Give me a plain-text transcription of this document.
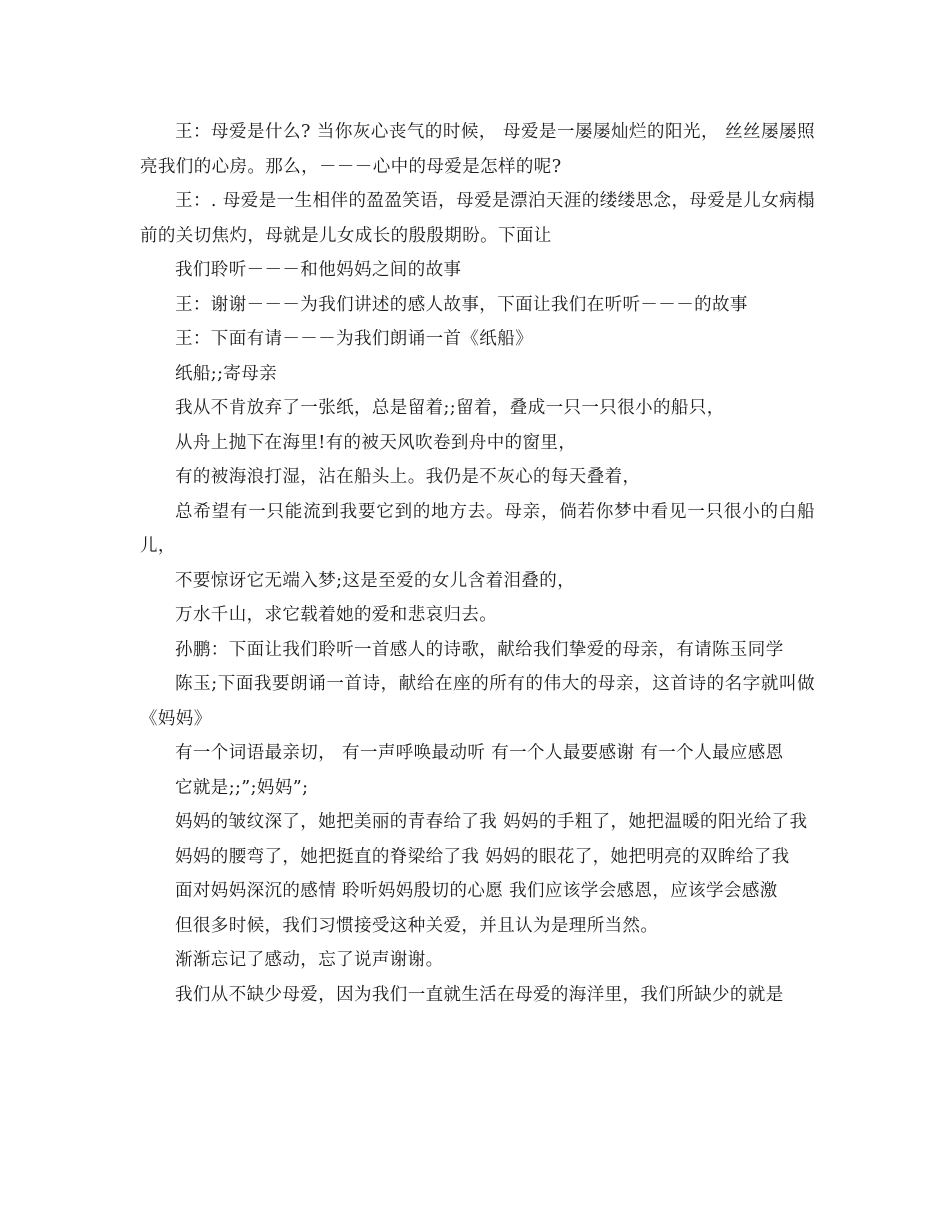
王：母爱是什么? 当你灰心丧气的时候， 母爱是一屡屡灿烂的阳光， 丝丝屡屡照亮我们的心房。那么，－－－心中的母爱是怎样的呢?

王：. 母爱是一生相伴的盈盈笑语，母爱是漂泊天涯的缕缕思念，母爱是儿女病榻前的关切焦灼，母就是儿女成长的殷殷期盼。下面让

我们聆听－－－和他妈妈之间的故事

王：谢谢－－－为我们讲述的感人故事，下面让我们在听听－－－的故事

王：下面有请－－－为我们朗诵一首《纸船》

纸船;;寄母亲

我从不肯放弃了一张纸，总是留着;;留着，叠成一只一只很小的船只，

从舟上抛下在海里!有的被天风吹卷到舟中的窗里，

有的被海浪打湿，沾在船头上。我仍是不灰心的每天叠着，

总希望有一只能流到我要它到的地方去。母亲，倘若你梦中看见一只很小的白船儿，

不要惊讶它无端入梦;这是至爱的女儿含着泪叠的，

万水千山，求它载着她的爱和悲哀归去。

孙鹏：下面让我们聆听一首感人的诗歌，献给我们挚爱的母亲，有请陈玉同学

陈玉;下面我要朗诵一首诗，献给在座的所有的伟大的母亲，这首诗的名字就叫做《妈妈》

有一个词语最亲切， 有一声呼唤最动听 有一个人最要感谢 有一个人最应感恩

它就是;;”;妈妈”;

妈妈的皱纹深了，她把美丽的青春给了我 妈妈的手粗了，她把温暖的阳光给了我

妈妈的腰弯了，她把挺直的脊梁给了我 妈妈的眼花了，她把明亮的双眸给了我

面对妈妈深沉的感情 聆听妈妈殷切的心愿 我们应该学会感恩，应该学会感激

但很多时候，我们习惯接受这种关爱，并且认为是理所当然。

渐渐忘记了感动，忘了说声谢谢。

我们从不缺少母爱，因为我们一直就生活在母爱的海洋里，我们所缺少的就是
